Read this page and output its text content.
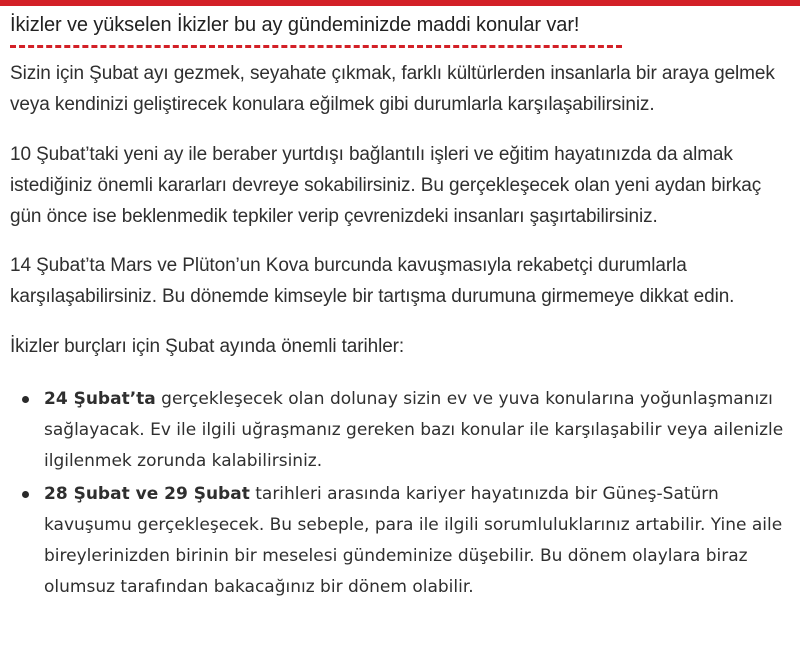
İkizler ve yükselen İkizler bu ay gündeminizde maddi konular var!

Sizin için Şubat ayı gezmek, seyahate çıkmak, farklı kültürlerden insanlarla bir araya gelmek veya kendinizi geliştirecek konulara eğilmek gibi durumlarla karşılaşabilirsiniz.

10 Şubat’taki yeni ay ile beraber yurtdışı bağlantılı işleri ve eğitim hayatınızda da almak istediğiniz önemli kararları devreye sokabilirsiniz. Bu gerçekleşecek olan yeni aydan birkaç gün önce ise beklenmedik tepkiler verip çevrenizdeki insanları şaşırtabilirsiniz.

14 Şubat’ta Mars ve Plüton’un Kova burcunda kavuşmasıyla rekabetçi durumlarla karşılaşabilirsiniz. Bu dönemde kimseyle bir tartışma durumuna girmemeye dikkat edin.

İkizler burçları için Şubat ayında önemli tarihler:

24 Şubat’ta gerçekleşecek olan dolunay sizin ev ve yuva konularına yoğunlaşmanızı sağlayacak. Ev ile ilgili uğraşmanız gereken bazı konular ile karşılaşabilir veya ailenizle ilgilenmek zorunda kalabilirsiniz.
28 Şubat ve 29 Şubat tarihleri arasında kariyer hayatınızda bir Güneş-Satürn kavuşumu gerçekleşecek. Bu sebeple, para ile ilgili sorumluluklarınız artabilir. Yine aile bireylerinizden birinin bir meselesi gündeminize düşebilir. Bu dönem olaylara biraz olumsuz tarafından bakacağınız bir dönem olabilir.
